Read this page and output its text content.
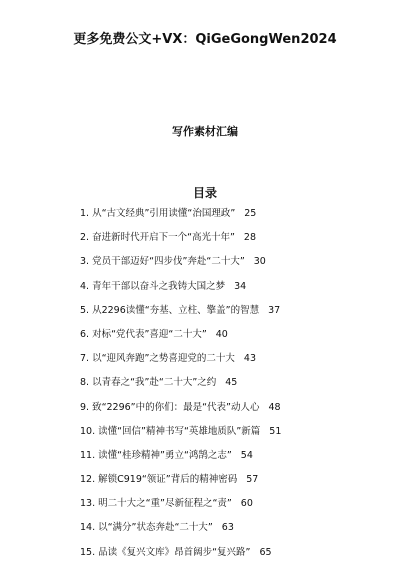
更多免费公文+VX：QiGeGongWen2024
写作素材汇编
目录
1. 从“古文经典”引用读懂“治国理政” 25
2. 奋进新时代开启下一个“高光十年” 28
3. 党员干部迈好“四步伐”奔赴“二十大” 30
4. 青年干部以奋斗之我铸大国之梦 34
5. 从2296读懂“夯基、立柱、擎盖”的智慧 37
6. 对标“党代表”喜迎“二十大” 40
7. 以“迎风奔跑”之势喜迎党的二十大 43
8. 以青春之“我”赴“二十大”之约 45
9. 致“2296”中的你们：最是“代表”动人心 48
10. 读懂“回信”精神书写“英雄地质队”新篇 51
11. 读懂“桂珍精神”勇立“鸿鹄之志” 54
12. 解锁C919“领证”背后的精神密码 57
13. 明二十大之“重”尽新征程之“责” 60
14. 以“满分”状态奔赴“二十大” 63
15. 品读《复兴文库》昂首阔步“复兴路” 65
